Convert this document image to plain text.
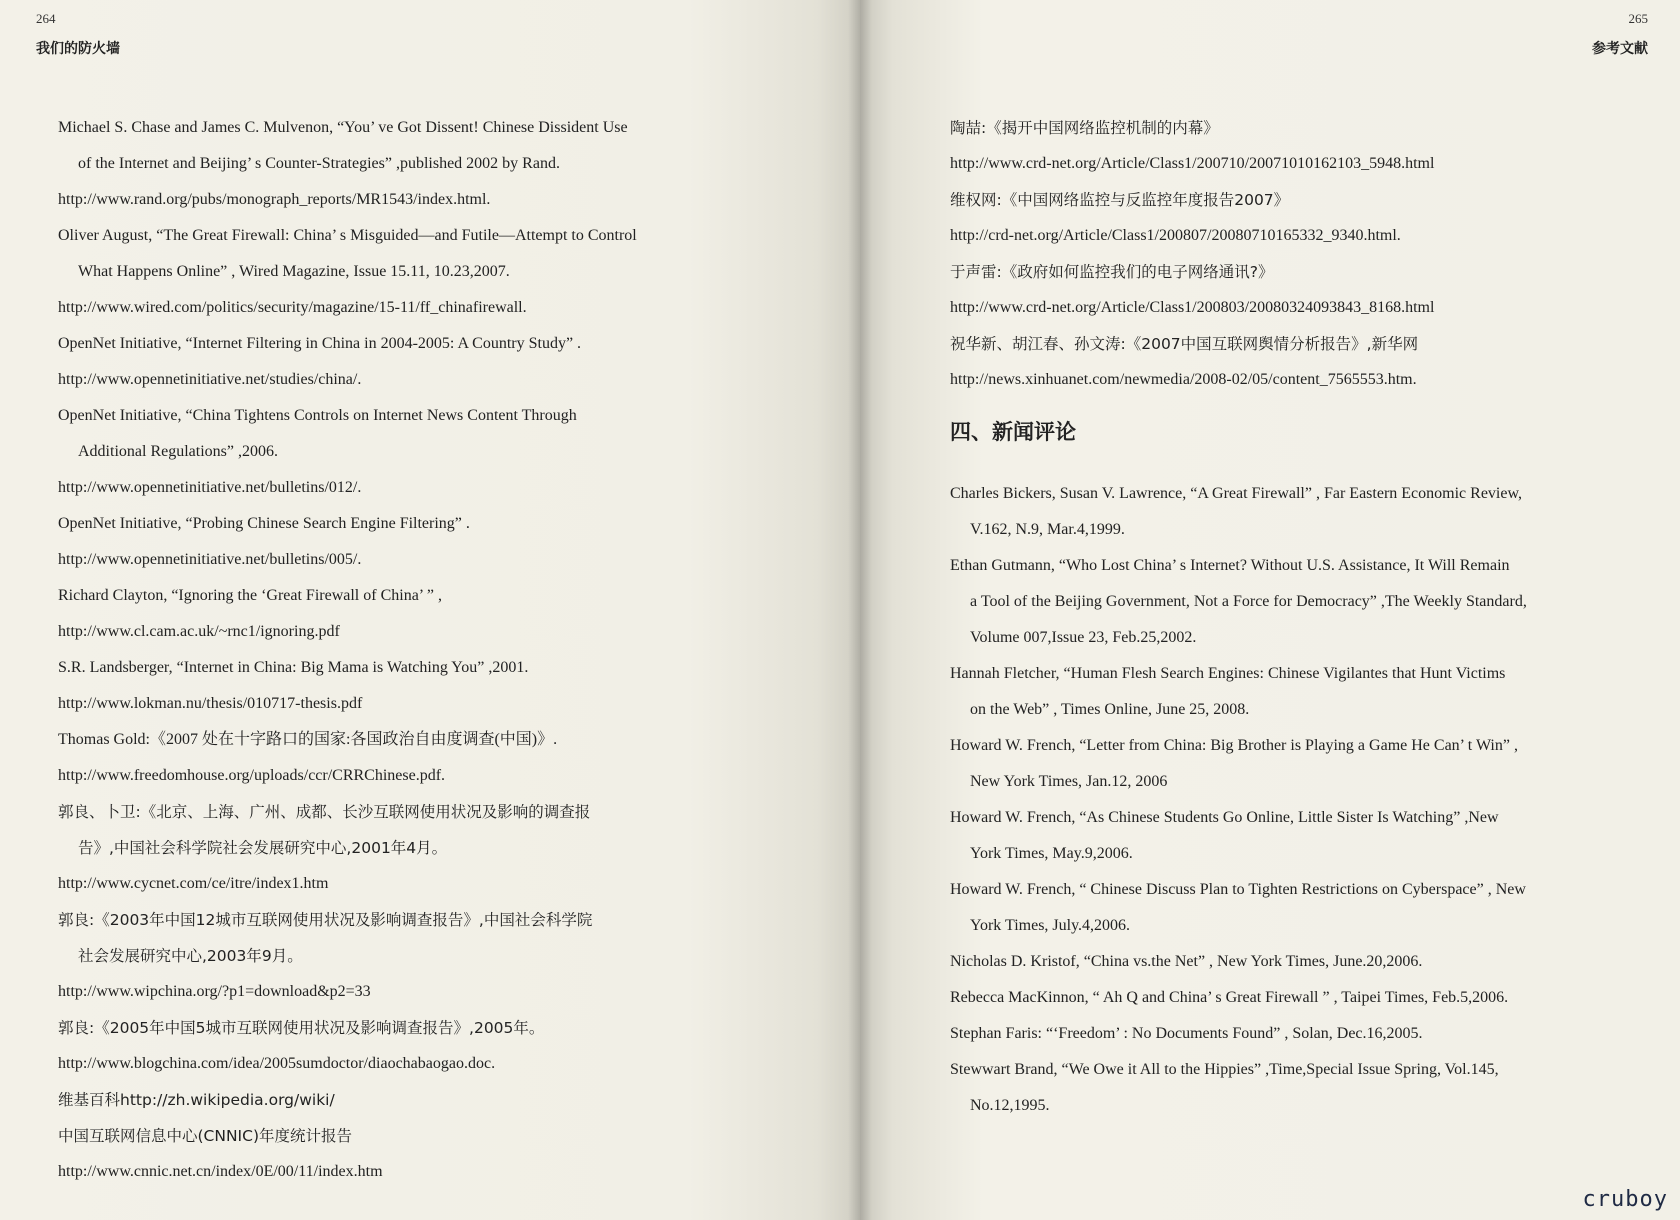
264
我们的防火墙
Michael S. Chase and James C. Mulvenon, “You’ ve Got Dissent! Chinese Dissident Use
of the Internet and Beijing’ s Counter-Strategies” ,published 2002 by Rand.
http://www.rand.org/pubs/monograph_reports/MR1543/index.html.
Oliver August, “The Great Firewall: China’ s Misguided—and Futile—Attempt to Control
What Happens Online” , Wired Magazine, Issue 15.11, 10.23,2007.
http://www.wired.com/politics/security/magazine/15-11/ff_chinafirewall.
OpenNet Initiative, “Internet Filtering in China in 2004-2005: A Country Study” .
http://www.opennetinitiative.net/studies/china/.
OpenNet Initiative, “China Tightens Controls on Internet News Content Through
Additional Regulations” ,2006.
http://www.opennetinitiative.net/bulletins/012/.
OpenNet Initiative, “Probing Chinese Search Engine Filtering” .
http://www.opennetinitiative.net/bulletins/005/.
Richard Clayton, “Ignoring the ‘Great Firewall of China’ ” ,
http://www.cl.cam.ac.uk/~rnc1/ignoring.pdf
S.R. Landsberger, “Internet in China: Big Mama is Watching You” ,2001.
http://www.lokman.nu/thesis/010717-thesis.pdf
Thomas Gold:《2007 处在十字路口的国家:各国政治自由度调查(中国)》.
http://www.freedomhouse.org/uploads/ccr/CRRChinese.pdf.
郭良、卜卫:《北京、上海、广州、成都、长沙互联网使用状况及影响的调查报
告》,中国社会科学院社会发展研究中心,2001年4月。
http://www.cycnet.com/ce/itre/index1.htm
郭良:《2003年中国12城市互联网使用状况及影响调查报告》,中国社会科学院
社会发展研究中心,2003年9月。
http://www.wipchina.org/?p1=download&p2=33
郭良:《2005年中国5城市互联网使用状况及影响调查报告》,2005年。
http://www.blogchina.com/idea/2005sumdoctor/diaochabaogao.doc.
维基百科http://zh.wikipedia.org/wiki/
中国互联网信息中心(CNNIC)年度统计报告
http://www.cnnic.net.cn/index/0E/00/11/index.htm
265
参考文献
陶喆:《揭开中国网络监控机制的内幕》
http://www.crd-net.org/Article/Class1/200710/20071010162103_5948.html
维权网:《中国网络监控与反监控年度报告2007》
http://crd-net.org/Article/Class1/200807/20080710165332_9340.html.
于声雷:《政府如何监控我们的电子网络通讯?》
http://www.crd-net.org/Article/Class1/200803/20080324093843_8168.html
祝华新、胡江春、孙文涛:《2007中国互联网舆情分析报告》,新华网
http://news.xinhuanet.com/newmedia/2008-02/05/content_7565553.htm.
四、新闻评论
Charles Bickers, Susan V. Lawrence, “A Great Firewall” , Far Eastern Economic Review,
V.162, N.9, Mar.4,1999.
Ethan Gutmann, “Who Lost China’ s Internet? Without U.S. Assistance, It Will Remain
a Tool of the Beijing Government, Not a Force for Democracy” ,The Weekly Standard,
Volume 007,Issue 23, Feb.25,2002.
Hannah Fletcher, “Human Flesh Search Engines: Chinese Vigilantes that Hunt Victims
on the Web” , Times Online, June 25, 2008.
Howard W. French, “Letter from China: Big Brother is Playing a Game He Can’ t Win” ,
New York Times, Jan.12, 2006
Howard W. French, “As Chinese Students Go Online, Little Sister Is Watching” ,New
York Times, May.9,2006.
Howard W. French, “ Chinese Discuss Plan to Tighten Restrictions on Cyberspace” , New
York Times, July.4,2006.
Nicholas D. Kristof, “China vs.the Net” , New York Times, June.20,2006.
Rebecca MacKinnon, “ Ah Q and China’ s Great Firewall ” , Taipei Times, Feb.5,2006.
Stephan Faris: “‘Freedom’ : No Documents Found” , Solan, Dec.16,2005.
Stewwart Brand, “We Owe it All to the Hippies” ,Time,Special Issue Spring, Vol.145,
No.12,1995.
cruboy
